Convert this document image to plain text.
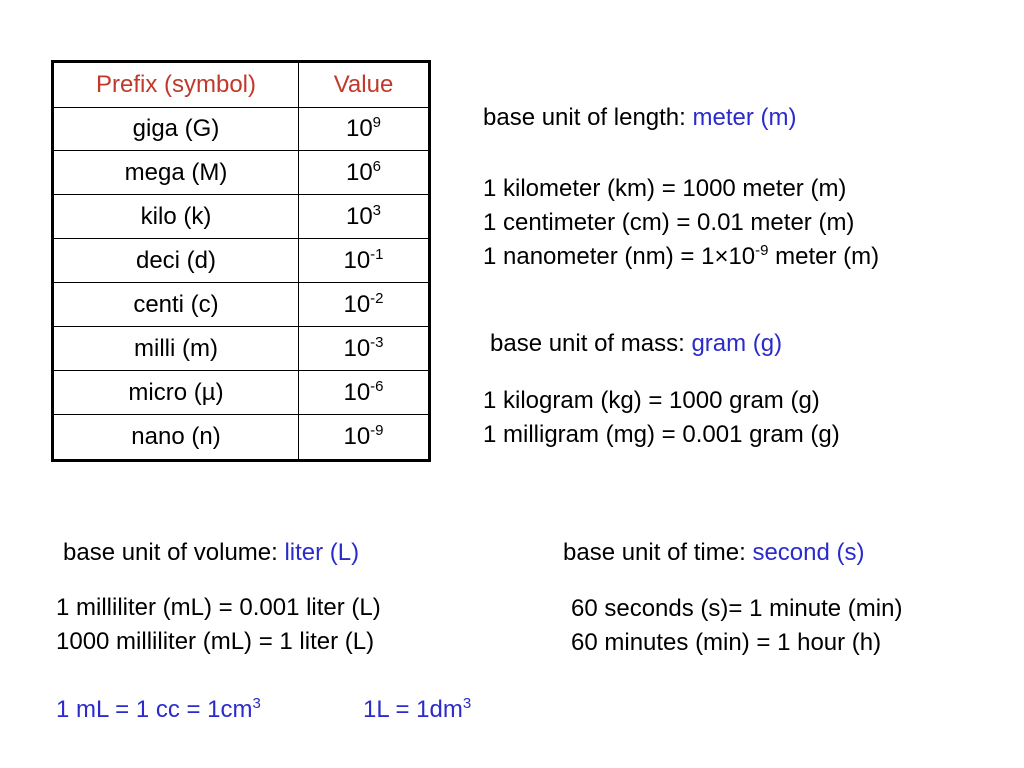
Prefix (symbol)	Value
giga (G)	$10^9$
mega (M)	$10^6$
kilo (k)	$10^3$
deci (d)	$10^{-1}$
centi (c)	$10^{-2}$
milli (m)	$10^{-3}$
micro (µ)	$10^{-6}$
nano (n)	$10^{-9}$
base unit of length: meter (m)
1 kilometer (km) = 1000 meter (m)
1 centimeter (cm) = 0.01 meter (m)
1 nanometer $(nm) = 1\times 10^{-9}$ meter (m)
base unit of mass: gram (g)
1 kilogram (kg) = 1000 gram (g)
1 milligram (mg) = 0.001 gram (g)
base unit of volume: liter (L)
1 milliliter (mL) = 0.001 liter (L)
1000 milliliter (mL) = 1 liter (L)
1 mL = 1 cc = $1cm^3$	$1L = 1dm^3$
base unit of time: second (s)
60 seconds (s)= 1 minute (min)
60 minutes (min) = 1 hour (h)
